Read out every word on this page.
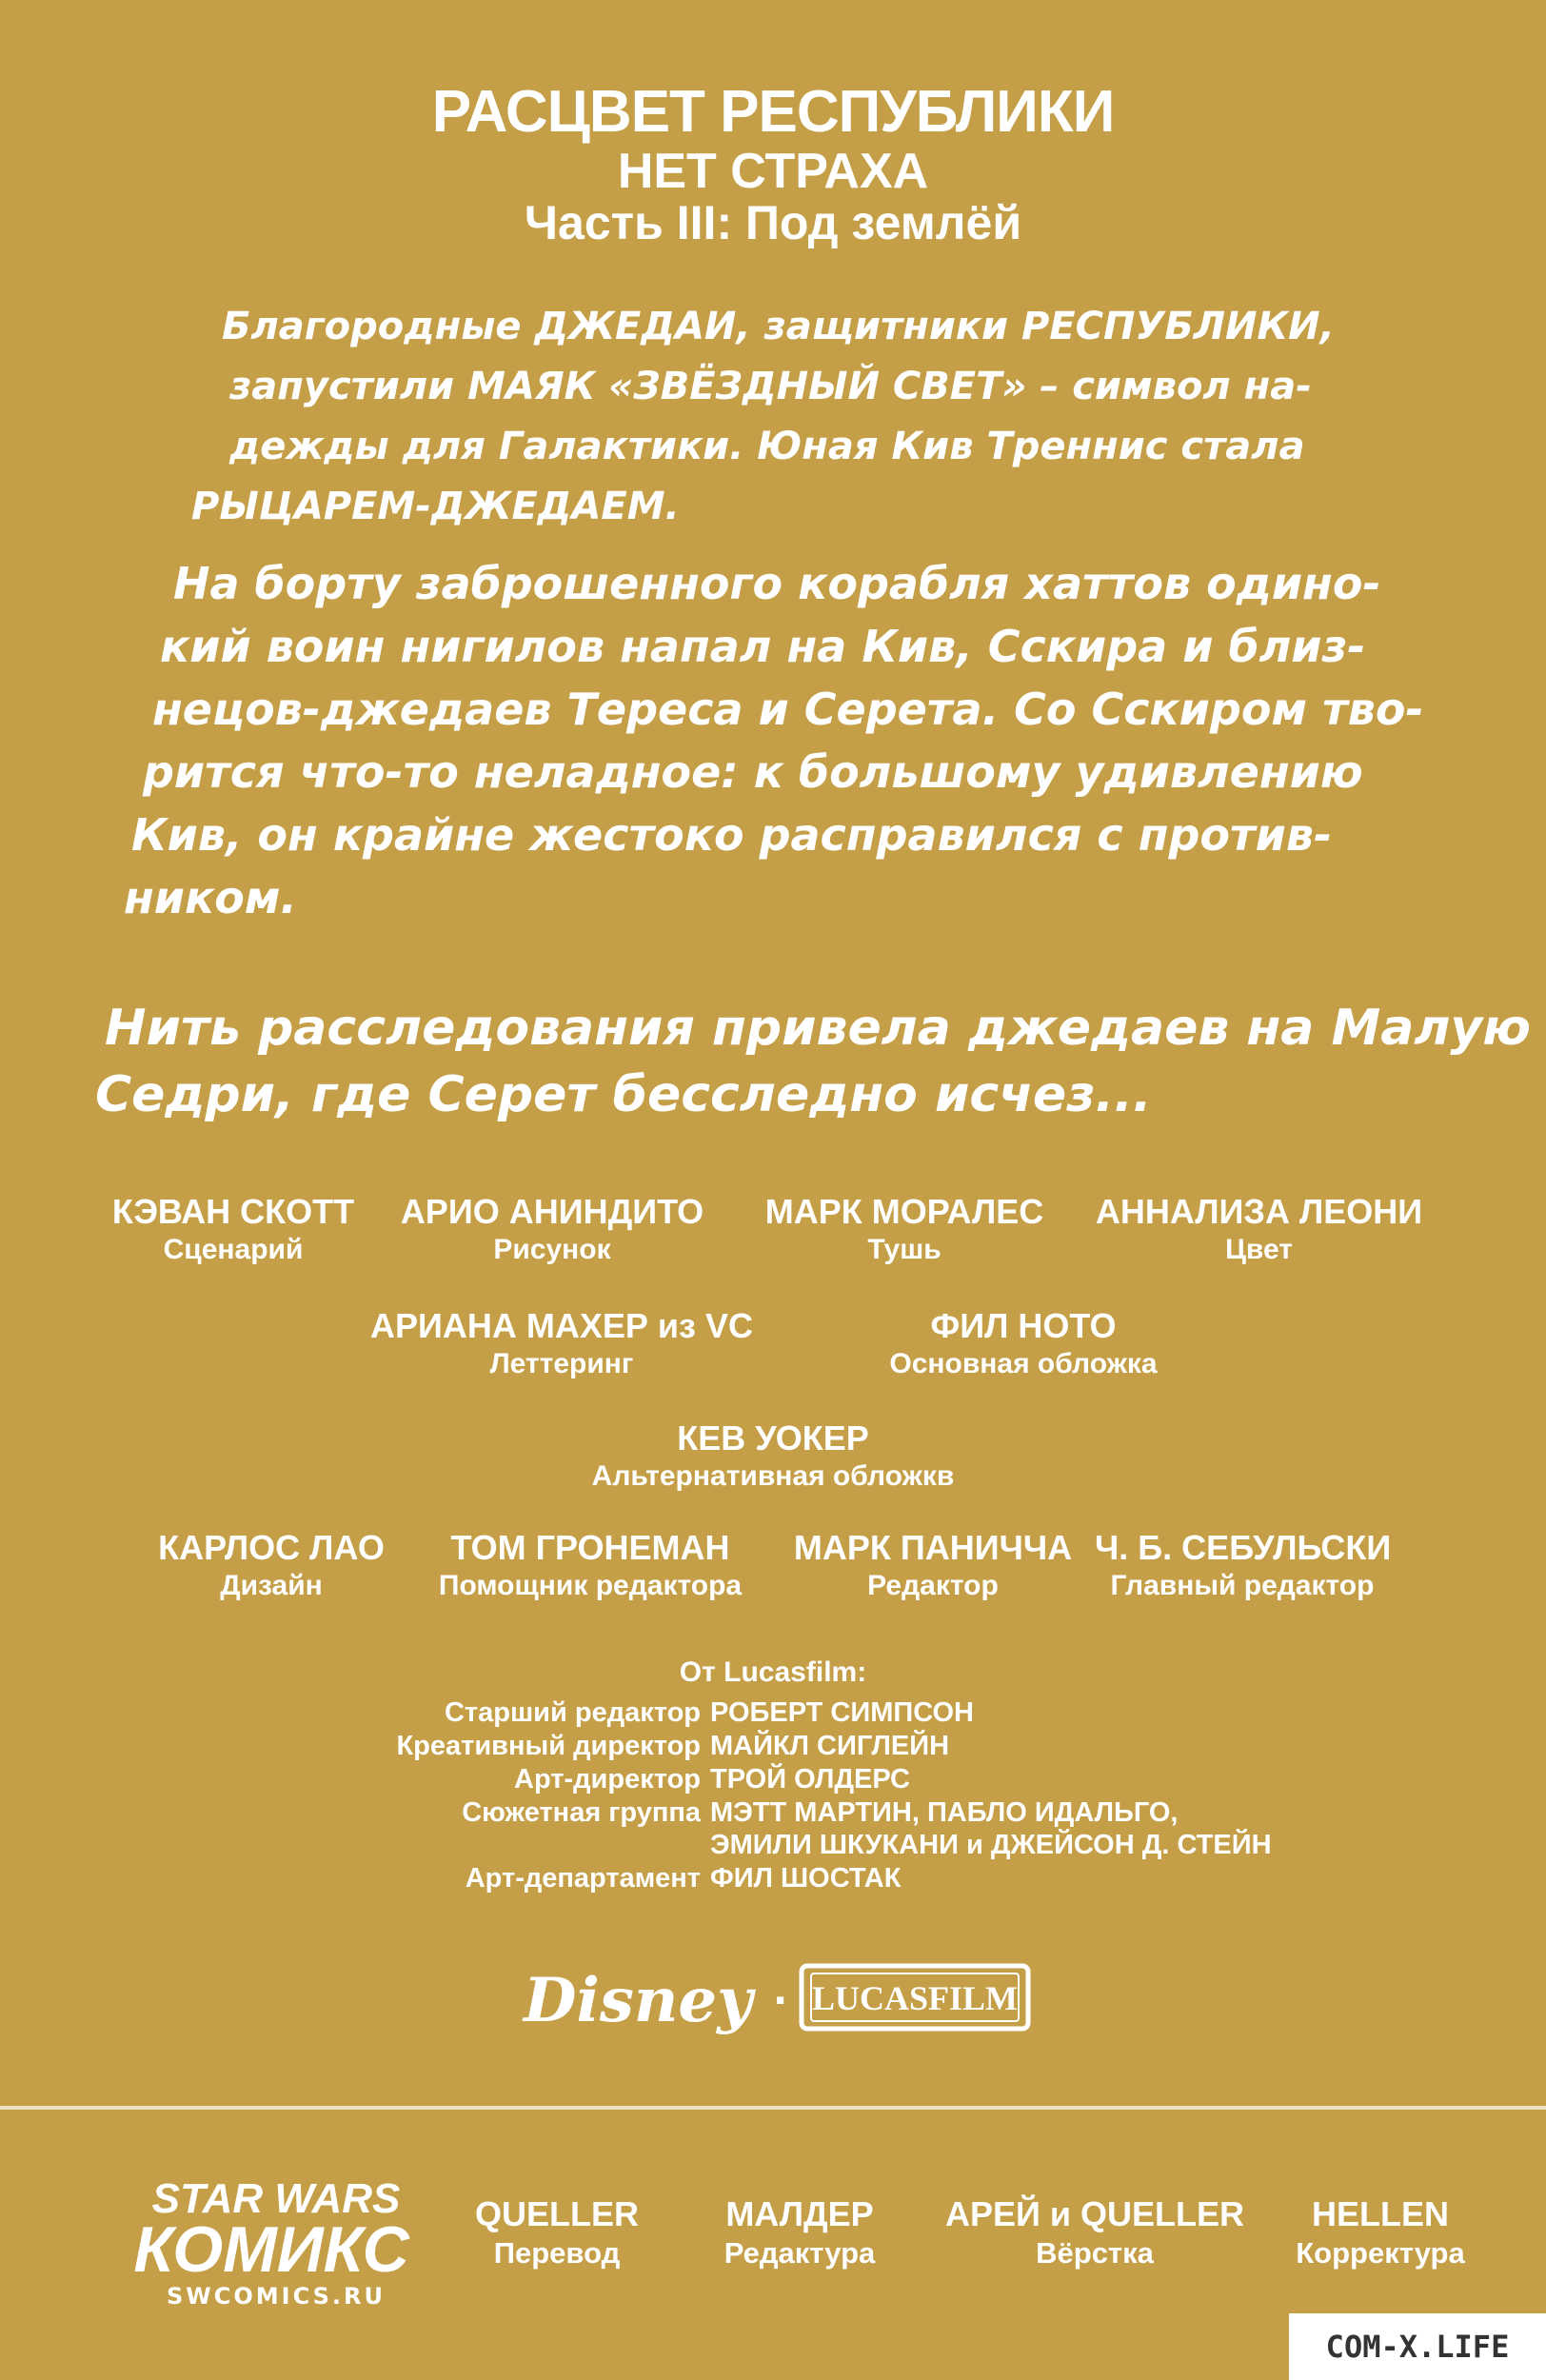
РАСЦВЕТ РЕСПУБЛИКИ
НЕТ СТРАХА
Часть III: Под землёй
Благородные ДЖЕДАИ, защитники РЕСПУБЛИКИ,
запустили МАЯК «ЗВЁЗДНЫЙ СВЕТ» – символ на-
дежды для Галактики. Юная Кив Треннис стала
РЫЦАРЕМ-ДЖЕДАЕМ.
На борту заброшенного корабля хаттов одино-
кий воин нигилов напал на Кив, Сскира и близ-
нецов-джедаев Тереса и Серета. Со Сскиром тво-
рится что-то неладное: к большому удивлению
Кив, он крайне жестоко расправился с против-
ником.
Нить расследования привела джедаев на Малую
Седри, где Серет бесследно исчез...
КЭВАН СКОТТ
Сценарий
АРИО АНИНДИТО
Рисунок
МАРК МОРАЛЕС
Тушь
АННАЛИЗА ЛЕОНИ
Цвет
АРИАНА МАХЕР из VC
Леттеринг
ФИЛ НОТО
Основная обложка
КЕВ УОКЕР
Альтернативная обложкв
КАРЛОС ЛАО
Дизайн
ТОМ ГРОНЕМАН
Помощник редактора
МАРК ПАНИЧЧА
Редактор
Ч. Б. СЕБУЛЬСКИ
Главный редактор
От Lucasfilm:
Старший редактор РОБЕРТ СИМПСОН
Креативный директор МАЙКЛ СИГЛЕЙН
Арт-директор ТРОЙ ОЛДЕРС
Сюжетная группа МЭТТ МАРТИН, ПАБЛО ИДАЛЬГО,
ЭМИЛИ ШКУКАНИ и ДЖЕЙСОН Д. СТЕЙН
Арт-департамент ФИЛ ШОСТАК
Disney · LUCASFILM
STAR WARS
КОМИКС
SWCOMICS.RU
QUELLER
Перевод
МАЛДЕР
Редактура
АРЕЙ и QUELLER
Вёрстка
HELLEN
Корректура
COM-X.LIFE
